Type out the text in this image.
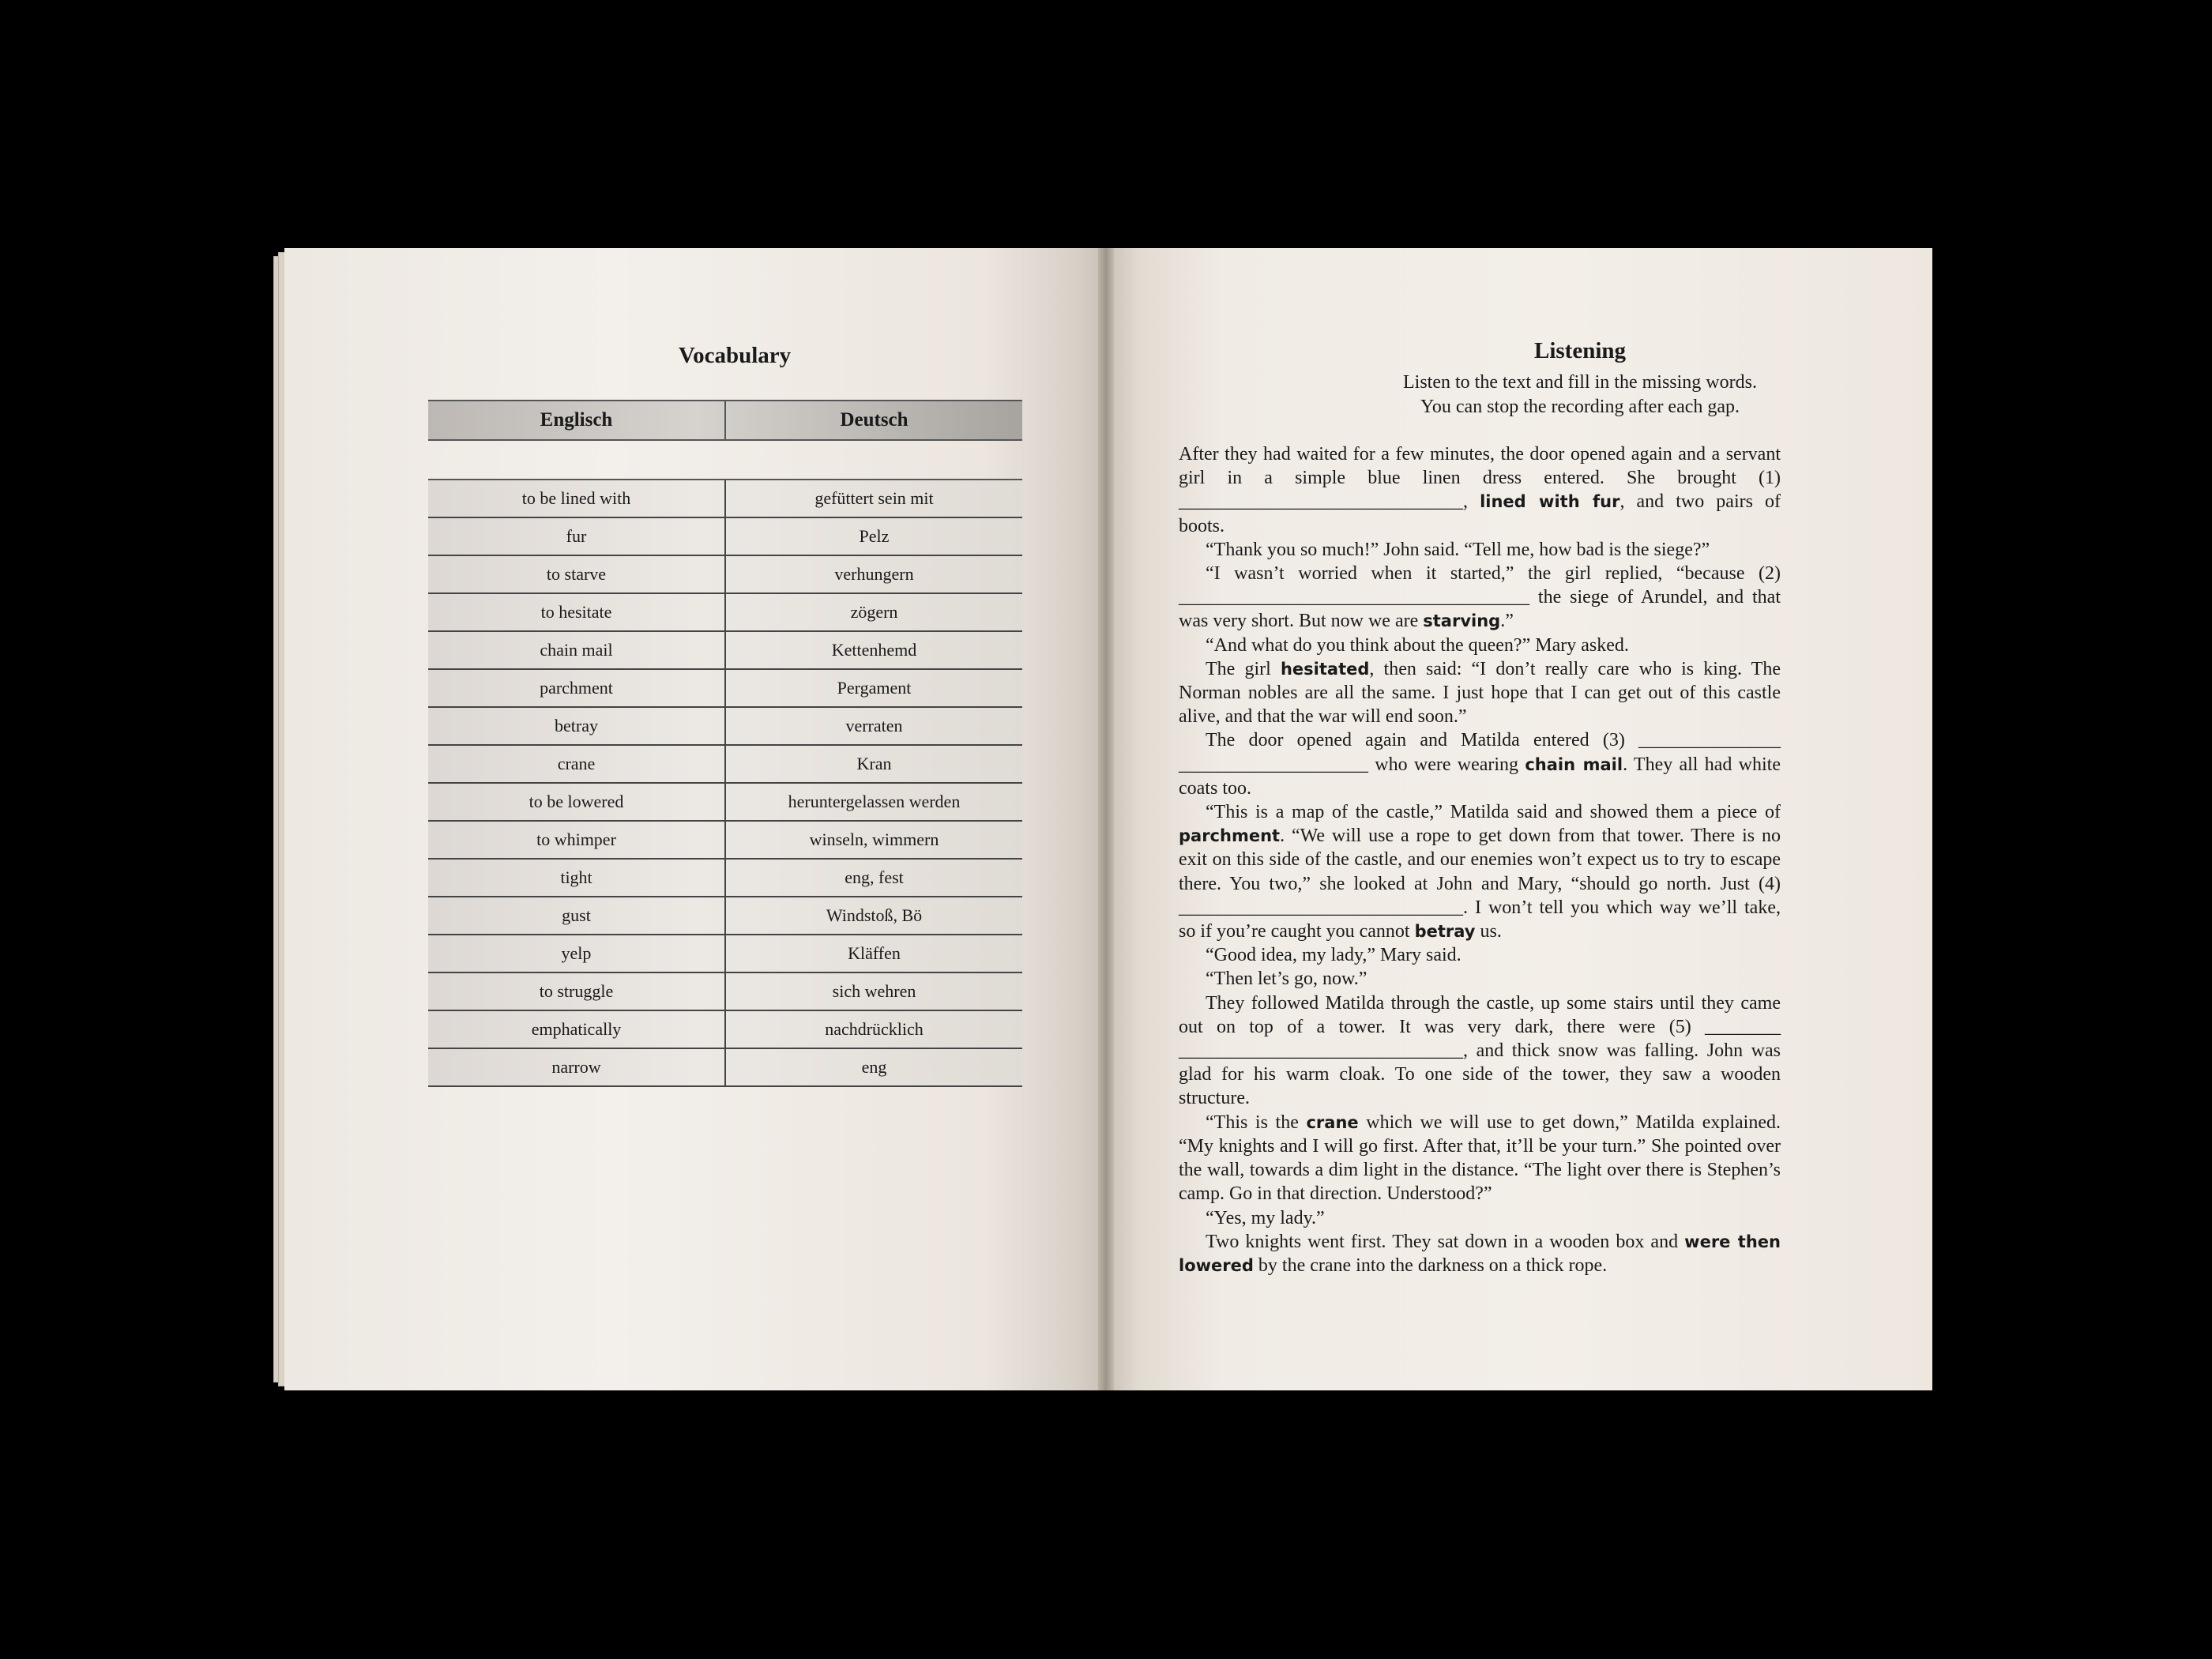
Vocabulary
Englisch	Deutsch
to be lined with	gefüttert sein mit
fur	Pelz
to starve	verhungern
to hesitate	zögern
chain mail	Kettenhemd
parchment	Pergament
betray	verraten
crane	Kran
to be lowered	heruntergelassen werden
to whimper	winseln, wimmern
tight	eng, fest
gust	Windstoß, Bö
yelp	Kläffen
to struggle	sich wehren
emphatically	nachdrücklich
narrow	eng
Listening
Listen to the text and fill in the missing words.
You can stop the recording after each gap.

After they had waited for a few minutes, the door opened again and a servant girl in a simple blue linen dress entered. She brought (1) ______________________________, lined with fur, and two pairs of boots.

“Thank you so much!” John said. “Tell me, how bad is the siege?”

“I wasn’t worried when it started,” the girl replied, “because (2) _____________________________________ the siege of Arundel, and that was very short. But now we are starving.”

“And what do you think about the queen?” Mary asked.

The girl hesitated, then said: “I don’t really care who is king. The Norman nobles are all the same. I just hope that I can get out of this castle alive, and that the war will end soon.”

The door opened again and Matilda entered (3) _______________ ____________________ who were wearing chain mail. They all had white coats too.

“This is a map of the castle,” Matilda said and showed them a piece of parchment. “We will use a rope to get down from that tower. There is no exit on this side of the castle, and our enemies won’t expect us to try to escape there. You two,” she looked at John and Mary, “should go north. Just (4) ______________________________. I won’t tell you which way we’ll take, so if you’re caught you cannot betray us.

“Good idea, my lady,” Mary said.

“Then let’s go, now.”

They followed Matilda through the castle, up some stairs until they came out on top of a tower. It was very dark, there were (5) ________ ______________________________, and thick snow was falling. John was glad for his warm cloak. To one side of the tower, they saw a wooden structure.

“This is the crane which we will use to get down,” Matilda explained. “My knights and I will go first. After that, it’ll be your turn.” She pointed over the wall, towards a dim light in the distance. “The light over there is Stephen’s camp. Go in that direction. Understood?”

“Yes, my lady.”

Two knights went first. They sat down in a wooden box and were then lowered by the crane into the darkness on a thick rope.
